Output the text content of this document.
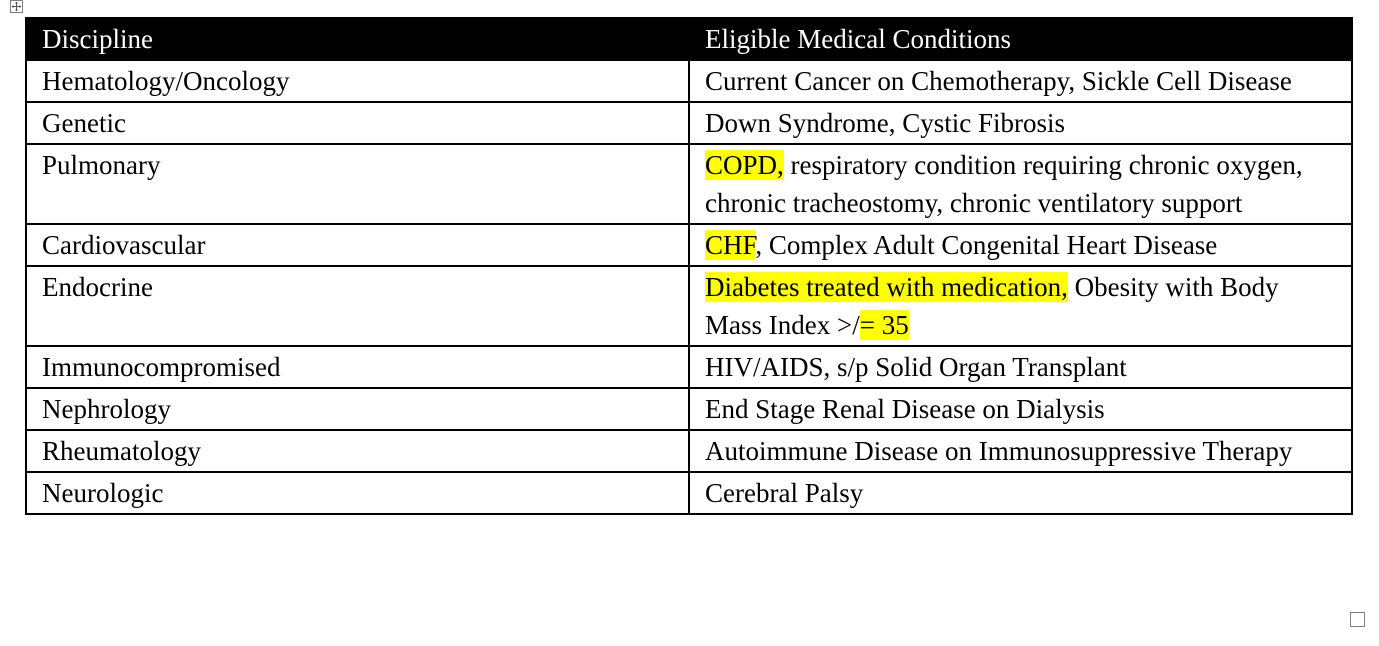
Discipline	Eligible Medical Conditions
Hematology/Oncology	Current Cancer on Chemotherapy, Sickle Cell Disease
Genetic	Down Syndrome, Cystic Fibrosis
Pulmonary	COPD, respiratory condition requiring chronic oxygen, chronic tracheostomy, chronic ventilatory support
Cardiovascular	CHF, Complex Adult Congenital Heart Disease
Endocrine	Diabetes treated with medication, Obesity with Body Mass Index >/= 35
Immunocompromised	HIV/AIDS, s/p Solid Organ Transplant
Nephrology	End Stage Renal Disease on Dialysis
Rheumatology	Autoimmune Disease on Immunosuppressive Therapy
Neurologic	Cerebral Palsy
